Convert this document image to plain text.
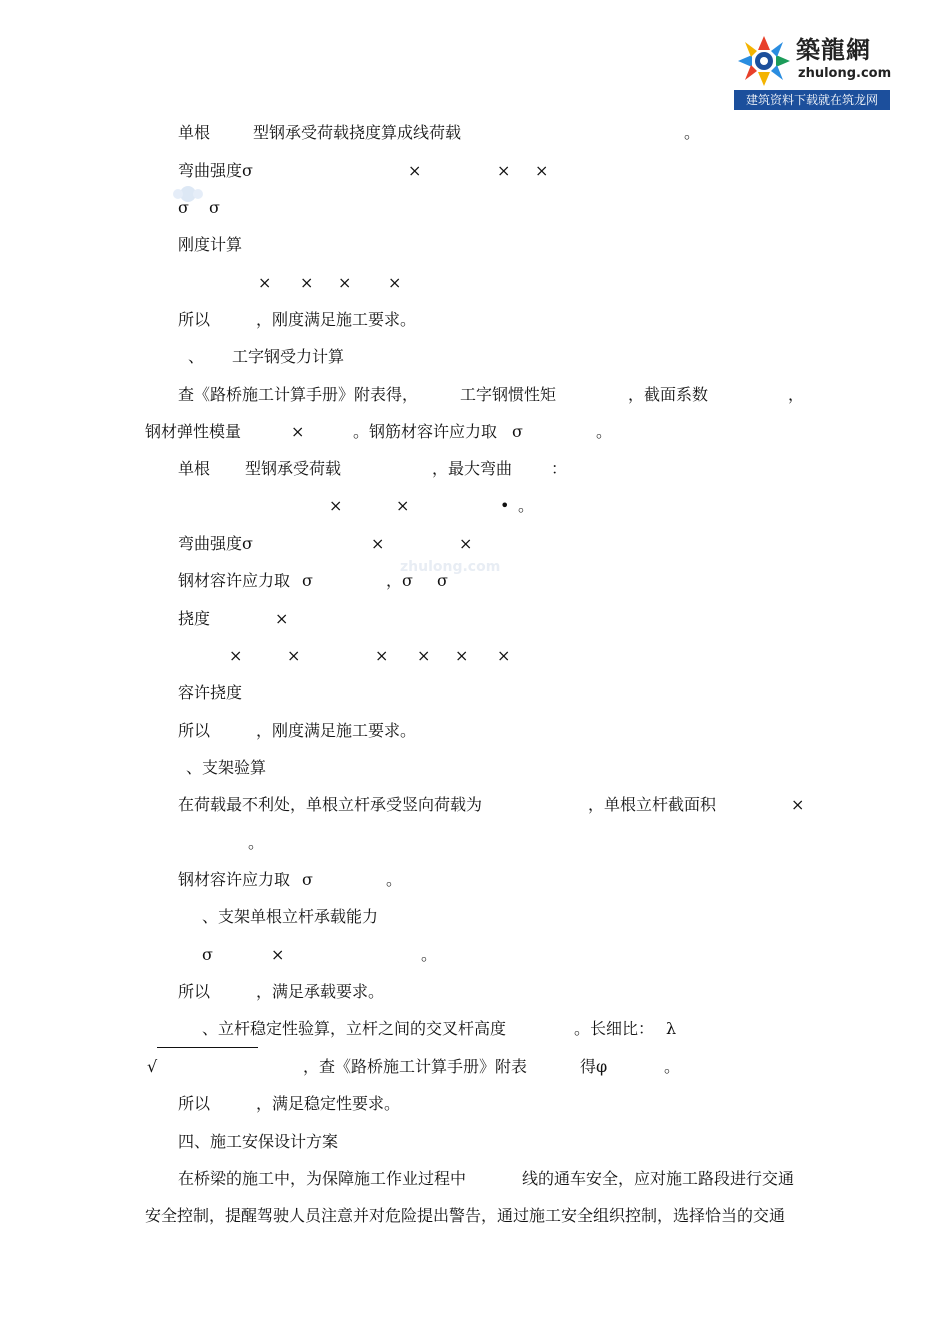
築龍網
zhulong.com
建筑资料下载就在筑龙网
zhulong.com
单根	型钢承受荷载挠度算成线荷载	。
弯曲强度σ	×	× ×
σ σ
刚度计算
× × × ×
所以	，刚度满足施工要求。
、 工字钢受力计算
查《路桥施工计算手册》附表得，	工字钢惯性矩	，截面系数	，
钢材弹性模量	×	。钢筋材容许应力取 σ	。
单根 型钢承受荷载	，最大弯曲 ：
×	×	• 。
弯曲强度σ	×	×
钢材容许应力取 σ	，σ σ
挠度	×
×	×	× × × ×
容许挠度
所以	，刚度满足施工要求。
、支架验算
在荷载最不利处，单根立杆承受竖向荷载为	，单根立杆截面积	×
。
钢材容许应力取 σ	。
、支架单根立杆承载能力
σ	×	。
所以	，满足承载要求。
、立杆稳定性验算，立杆之间的交叉杆高度	。长细比： λ
√	，查《路桥施工计算手册》附表	得φ	。
所以	，满足稳定性要求。
四、施工安保设计方案
在桥梁的施工中，为保障施工作业过程中	线的通车安全，应对施工路段进行交通
安全控制，提醒驾驶人员注意并对危险提出警告，通过施工安全组织控制，选择恰当的交通
